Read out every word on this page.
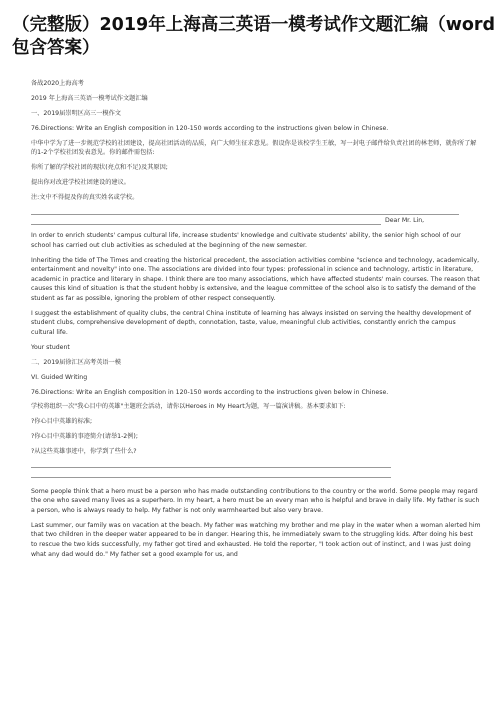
（完整版）2019年上海高三英语一模考试作文题汇编（word包含答案）

备战2020上海高考

2019 年上海高三英语一模考试作文题汇编

一、2019届崇明区高三一模作文

76.Directions: Write an English composition in 120-150 words according to the instructions given below in Chinese.

中华中学为了进一步规范学校的社团建设，提高社团活动的品质，向广大师生征求意见。假设你是该校学生王敏，写一封电子邮件给负责社团的林老师，就你所了解的1-2个学校社团发表意见。你的邮件需包括:

你所了解的学校社团的现状(亮点和不足)及其原因;

提出你对改进学校社团建设的建议。

注:文中不得提及你的真实姓名或学校。

Dear Mr. Lin,

In order to enrich students' campus cultural life, increase students' knowledge and cultivate students' ability, the senior high school of our school has carried out club activities as scheduled at the beginning of the new semester.

Inheriting the tide of The Times and creating the historical precedent, the association activities combine "science and technology, academically, entertainment and novelty" into one. The associations are divided into four types: professional in science and technology, artistic in literature, academic in practice and literary in shape. I think there are too many associations, which have affected students' main courses. The reason that causes this kind of situation is that the student hobby is extensive, and the league committee of the school also is to satisfy the demand of the student as far as possible, ignoring the problem of other respect consequently.

I suggest the establishment of quality clubs, the central China institute of learning has always insisted on serving the healthy development of student clubs, comprehensive development of depth, connotation, taste, value, meaningful club activities, constantly enrich the campus cultural life.

Your student

二、2019届徐汇区高考英语一模

VI. Guided Writing

76.Directions: Write an English composition in 120-150 words according to the instructions given below in Chinese.

学校将组织一次"我心目中的英雄"主题班会活动，请你以Heroes in My Heart为题，写一篇演讲稿。基本要求如下:

?你心目中英雄的标准;

?你心目中英雄的事迹简介(请举1-2例);

?从这些英雄事迹中，你学到了些什么?

Some people think that a hero must be a person who has made outstanding contributions to the country or the world. Some people may regard the one who saved many lives as a superhero. In my heart, a hero must be an every man who is helpful and brave in daily life. My father is such a person, who is always ready to help. My father is not only warmhearted but also very brave.

Last summer, our family was on vacation at the beach. My father was watching my brother and me play in the water when a woman alerted him that two children in the deeper water appeared to be in danger. Hearing this, he immediately swam to the struggling kids. After doing his best to rescue the two kids successfully, my father got tired and exhausted. He told the reporter, "I took action out of instinct, and I was just doing what any dad would do." My father set a good example for us, and
